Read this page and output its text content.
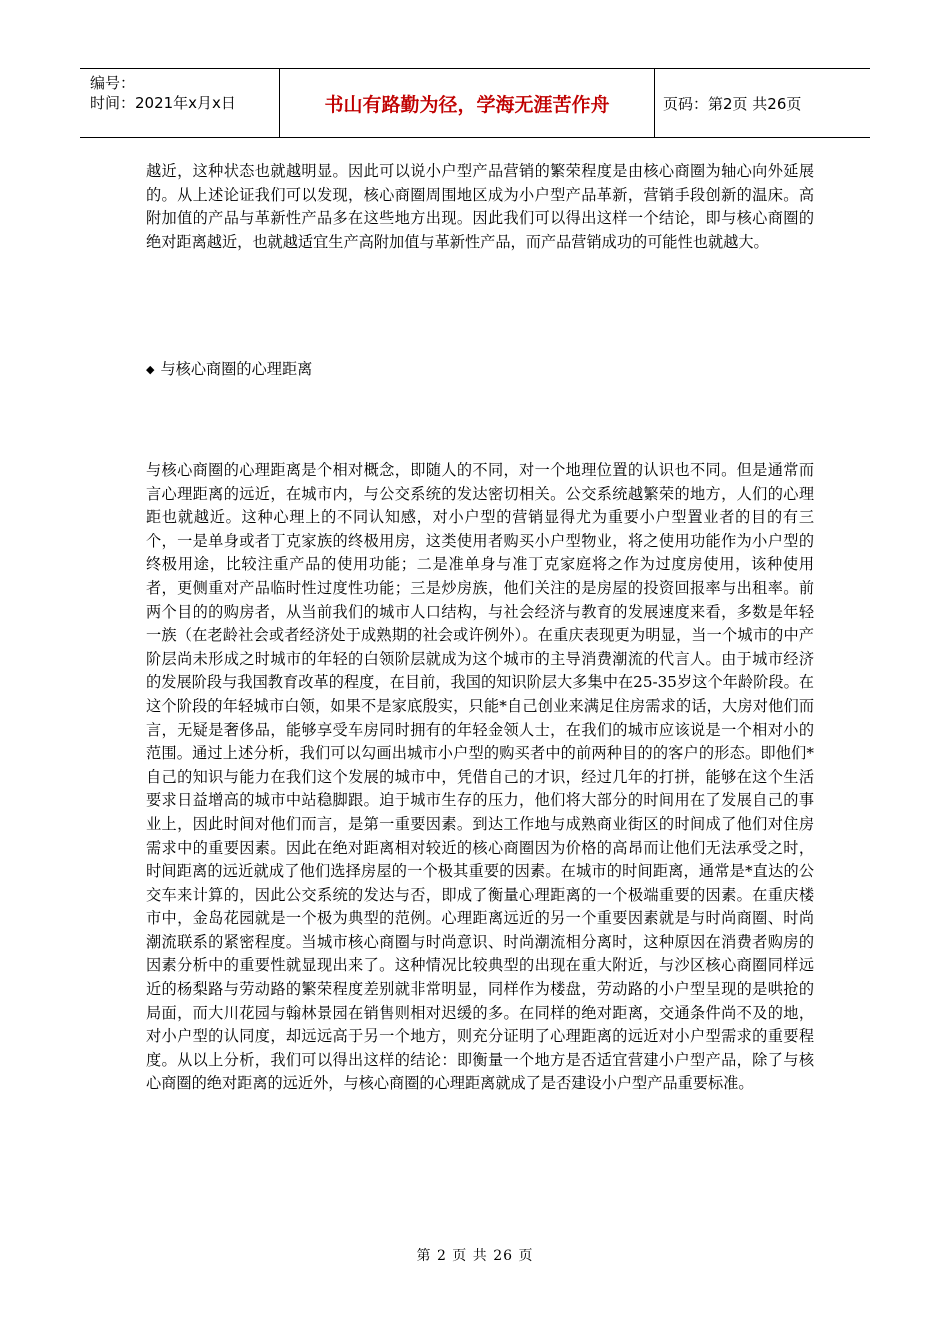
编号：
时间：2021年x月x日	书山有路勤为径，学海无涯苦作舟	页码：第2页 共26页

越近，这种状态也就越明显。因此可以说小户型产品营销的繁荣程度是由核心商圈为轴心向外延展的。从上述论证我们可以发现，核心商圈周围地区成为小户型产品革新，营销手段创新的温床。高附加值的产品与革新性产品多在这些地方出现。因此我们可以得出这样一个结论，即与核心商圈的绝对距离越近，也就越适宜生产高附加值与革新性产品，而产品营销成功的可能性也就越大。

◆ 与核心商圈的心理距离

与核心商圈的心理距离是个相对概念，即随人的不同，对一个地理位置的认识也不同。但是通常而言心理距离的远近，在城市内，与公交系统的发达密切相关。公交系统越繁荣的地方，人们的心理距也就越近。这种心理上的不同认知感，对小户型的营销显得尤为重要小户型置业者的目的有三个，一是单身或者丁克家族的终极用房，这类使用者购买小户型物业，将之使用功能作为小户型的终极用途，比较注重产品的使用功能；二是准单身与准丁克家庭将之作为过度房使用，该种使用者，更侧重对产品临时性过度性功能；三是炒房族，他们关注的是房屋的投资回报率与出租率。前两个目的的购房者，从当前我们的城市人口结构，与社会经济与教育的发展速度来看，多数是年轻一族（在老龄社会或者经济处于成熟期的社会或许例外）。在重庆表现更为明显，当一个城市的中产阶层尚未形成之时城市的年轻的白领阶层就成为这个城市的主导消费潮流的代言人。由于城市经济的发展阶段与我国教育改革的程度，在目前，我国的知识阶层大多集中在25-35岁这个年龄阶段。在这个阶段的年轻城市白领，如果不是家底殷实，只能*自己创业来满足住房需求的话，大房对他们而言，无疑是奢侈品，能够享受车房同时拥有的年轻金领人士，在我们的城市应该说是一个相对小的范围。通过上述分析，我们可以勾画出城市小户型的购买者中的前两种目的的客户的形态。即他们*自己的知识与能力在我们这个发展的城市中，凭借自己的才识，经过几年的打拼，能够在这个生活要求日益增高的城市中站稳脚跟。迫于城市生存的压力，他们将大部分的时间用在了发展自己的事业上，因此时间对他们而言，是第一重要因素。到达工作地与成熟商业街区的时间成了他们对住房需求中的重要因素。因此在绝对距离相对较近的核心商圈因为价格的高昂而让他们无法承受之时，时间距离的远近就成了他们选择房屋的一个极其重要的因素。在城市的时间距离，通常是*直达的公交车来计算的，因此公交系统的发达与否，即成了衡量心理距离的一个极端重要的因素。在重庆楼市中，金岛花园就是一个极为典型的范例。心理距离远近的另一个重要因素就是与时尚商圈、时尚潮流联系的紧密程度。当城市核心商圈与时尚意识、时尚潮流相分离时，这种原因在消费者购房的因素分析中的重要性就显现出来了。这种情况比较典型的出现在重大附近，与沙区核心商圈同样远近的杨梨路与劳动路的繁荣程度差别就非常明显，同样作为楼盘，劳动路的小户型呈现的是哄抢的局面，而大川花园与翰林景园在销售则相对迟缓的多。在同样的绝对距离，交通条件尚不及的地，对小户型的认同度，却远远高于另一个地方，则充分证明了心理距离的远近对小户型需求的重要程度。从以上分析，我们可以得出这样的结论：即衡量一个地方是否适宜营建小户型产品，除了与核心商圈的绝对距离的远近外，与核心商圈的心理距离就成了是否建设小户型产品重要标准。

第 2 页 共 26 页
